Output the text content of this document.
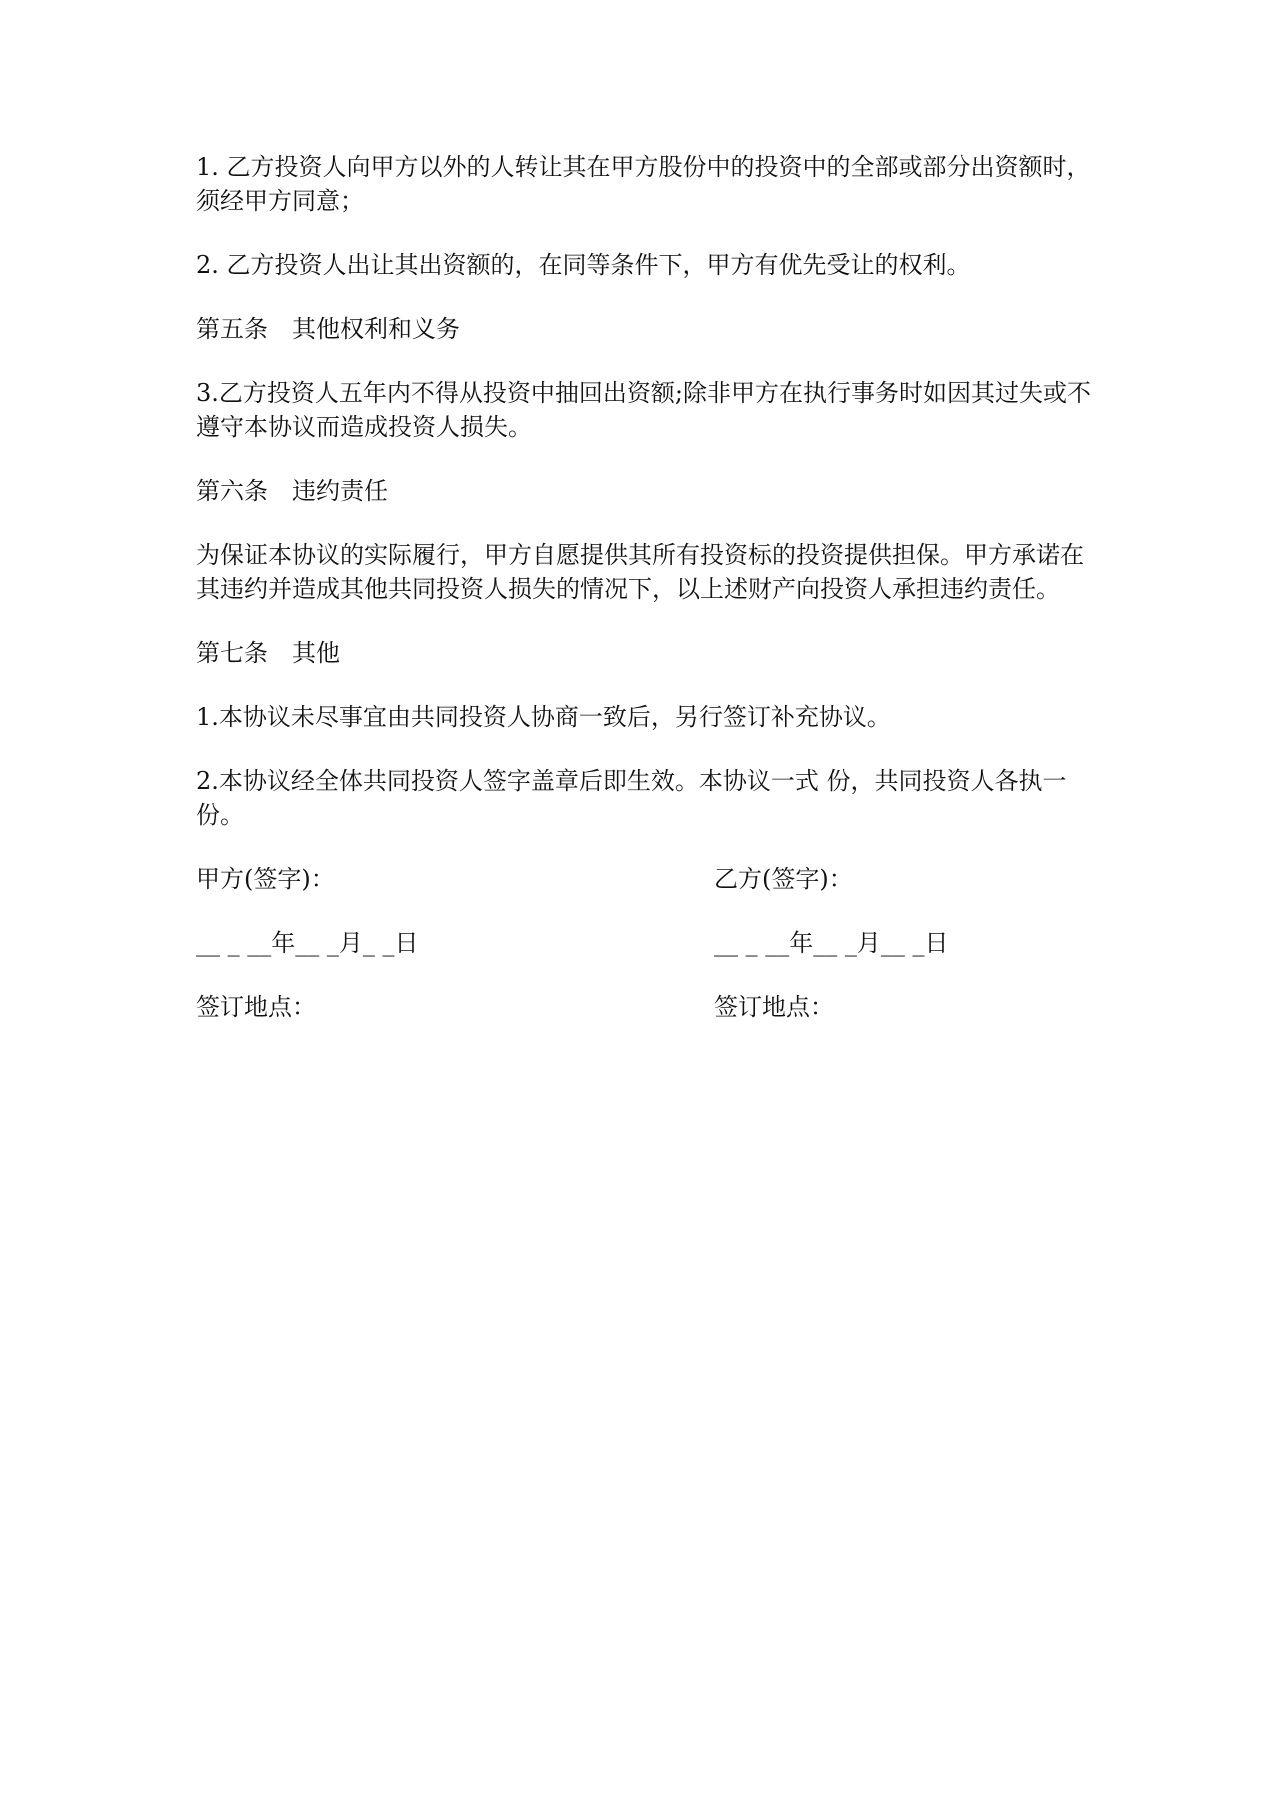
1. 乙方投资人向甲方以外的人转让其在甲方股份中的投资中的全部或部分出资额时，须经甲方同意；

2. 乙方投资人出让其出资额的，在同等条件下，甲方有优先受让的权利。

第五条　其他权利和义务

3.乙方投资人五年内不得从投资中抽回出资额;除非甲方在执行事务时如因其过失或不遵守本协议而造成投资人损失。

第六条　违约责任

为保证本协议的实际履行，甲方自愿提供其所有投资标的投资提供担保。甲方承诺在其违约并造成其他共同投资人损失的情况下，以上述财产向投资人承担违约责任。

第七条　其他

1.本协议未尽事宜由共同投资人协商一致后，另行签订补充协议。

2.本协议经全体共同投资人签字盖章后即生效。本协议一式 份，共同投资人各执一份。

甲方(签字)：	乙方(签字)：
__ _ __年__ _月_ _日	__ _ __年__ _月__ _日
签订地点：	签订地点：
